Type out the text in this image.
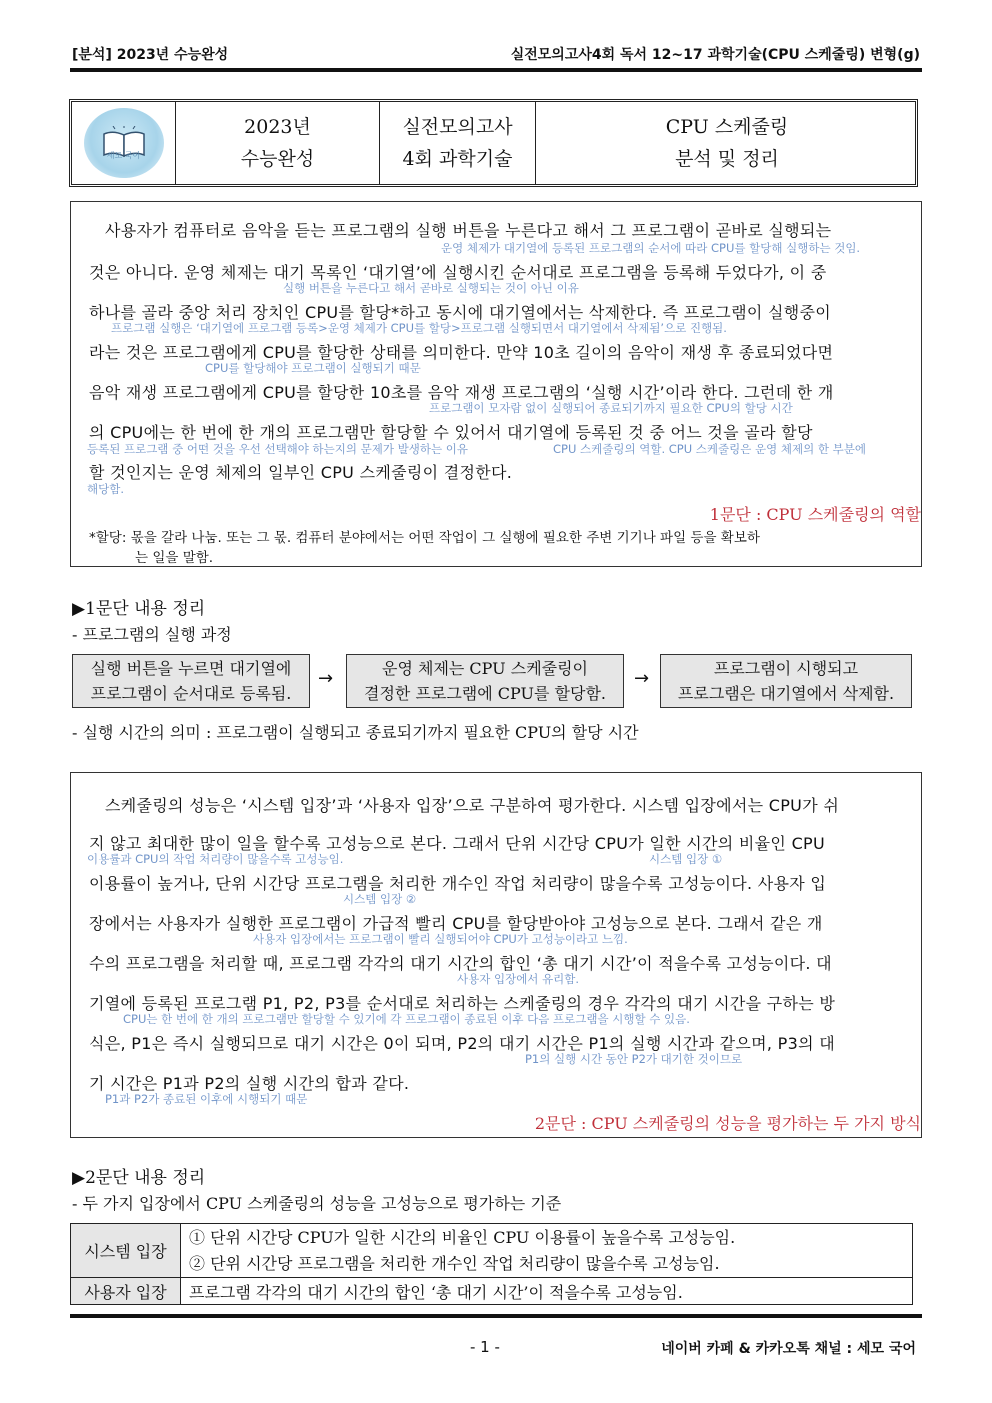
[분석] 2023년 수능완성	실전모의고사4회 독서 12~17 과학기술(CPU 스케줄링) 변형(g)
세모 국어
2023년
수능완성
실전모의고사
4회 과학기술
CPU 스케줄링
분석 및 정리
사용자가 컴퓨터로 음악을 듣는 프로그램의 실행 버튼을 누른다고 해서 그 프로그램이 곧바로 실행되는
운영 체제가 대기열에 등록된 프로그램의 순서에 따라 CPU를 할당해 실행하는 것임.
것은 아니다. 운영 체제는 대기 목록인 ‘대기열’에 실행시킨 순서대로 프로그램을 등록해 두었다가, 이 중
실행 버튼을 누른다고 해서 곧바로 실행되는 것이 아닌 이유
하나를 골라 중앙 처리 장치인 CPU를 할당*하고 동시에 대기열에서는 삭제한다. 즉 프로그램이 실행중이
프로그램 실행은 ‘대기열에 프로그램 등록>운영 체제가 CPU를 할당>프로그램 실행되면서 대기열에서 삭제됨’으로 진행됨.
라는 것은 프로그램에게 CPU를 할당한 상태를 의미한다. 만약 10초 길이의 음악이 재생 후 종료되었다면
CPU를 할당해야 프로그램이 실행되기 때문
음악 재생 프로그램에게 CPU를 할당한 10초를 음악 재생 프로그램의 ‘실행 시간’이라 한다. 그런데 한 개
프로그램이 모자람 없이 실행되어 종료되기까지 필요한 CPU의 할당 시간
의 CPU에는 한 번에 한 개의 프로그램만 할당할 수 있어서 대기열에 등록된 것 중 어느 것을 골라 할당
등록된 프로그램 중 어떤 것을 우선 선택해야 하는지의 문제가 발생하는 이유	CPU 스케줄링의 역할. CPU 스케줄링은 운영 체제의 한 부분에
할 것인지는 운영 체제의 일부인 CPU 스케줄링이 결정한다.
해당함.
1문단 : CPU 스케줄링의 역할
*할당: 몫을 갈라 나눔. 또는 그 몫. 컴퓨터 분야에서는 어떤 작업이 그 실행에 필요한 주변 기기나 파일 등을 확보하
는 일을 말함.
▶1문단 내용 정리
- 프로그램의 실행 과정
실행 버튼을 누르면 대기열에
프로그램이 순서대로 등록됨.
→	운영 체제는 CPU 스케줄링이
결정한 프로그램에 CPU를 할당함.
→	프로그램이 시행되고
프로그램은 대기열에서 삭제함.
- 실행 시간의 의미 : 프로그램이 실행되고 종료되기까지 필요한 CPU의 할당 시간
스케줄링의 성능은 ‘시스템 입장’과 ‘사용자 입장’으로 구분하여 평가한다. 시스템 입장에서는 CPU가 쉬
지 않고 최대한 많이 일을 할수록 고성능으로 본다. 그래서 단위 시간당 CPU가 일한 시간의 비율인 CPU
이용률과 CPU의 작업 처리량이 많을수록 고성능임.	시스템 입장 ①
이용률이 높거나, 단위 시간당 프로그램을 처리한 개수인 작업 처리량이 많을수록 고성능이다. 사용자 입
시스템 입장 ②
장에서는 사용자가 실행한 프로그램이 가급적 빨리 CPU를 할당받아야 고성능으로 본다. 그래서 같은 개
사용자 입장에서는 프로그램이 빨리 실행되어야 CPU가 고성능이라고 느낌.
수의 프로그램을 처리할 때, 프로그램 각각의 대기 시간의 합인 ‘총 대기 시간’이 적을수록 고성능이다. 대
사용자 입장에서 유리함.
기열에 등록된 프로그램 P1, P2, P3를 순서대로 처리하는 스케줄링의 경우 각각의 대기 시간을 구하는 방
CPU는 한 번에 한 개의 프로그램만 할당할 수 있기에 각 프로그램이 종료된 이후 다음 프로그램을 시행할 수 있음.
식은, P1은 즉시 실행되므로 대기 시간은 0이 되며, P2의 대기 시간은 P1의 실행 시간과 같으며, P3의 대
P1의 실행 시간 동안 P2가 대기한 것이므로
기 시간은 P1과 P2의 실행 시간의 합과 같다.
P1과 P2가 종료된 이후에 시행되기 때문
2문단 : CPU 스케줄링의 성능을 평가하는 두 가지 방식
▶2문단 내용 정리
- 두 가지 입장에서 CPU 스케줄링의 성능을 고성능으로 평가하는 기준
시스템 입장	① 단위 시간당 CPU가 일한 시간의 비율인 CPU 이용률이 높을수록 고성능임.
② 단위 시간당 프로그램을 처리한 개수인 작업 처리량이 많을수록 고성능임.

사용자 입장	프로그램 각각의 대기 시간의 합인 ‘총 대기 시간’이 적을수록 고성능임.
- 1 -	네이버 카페 & 카카오톡 채널 : 세모 국어
